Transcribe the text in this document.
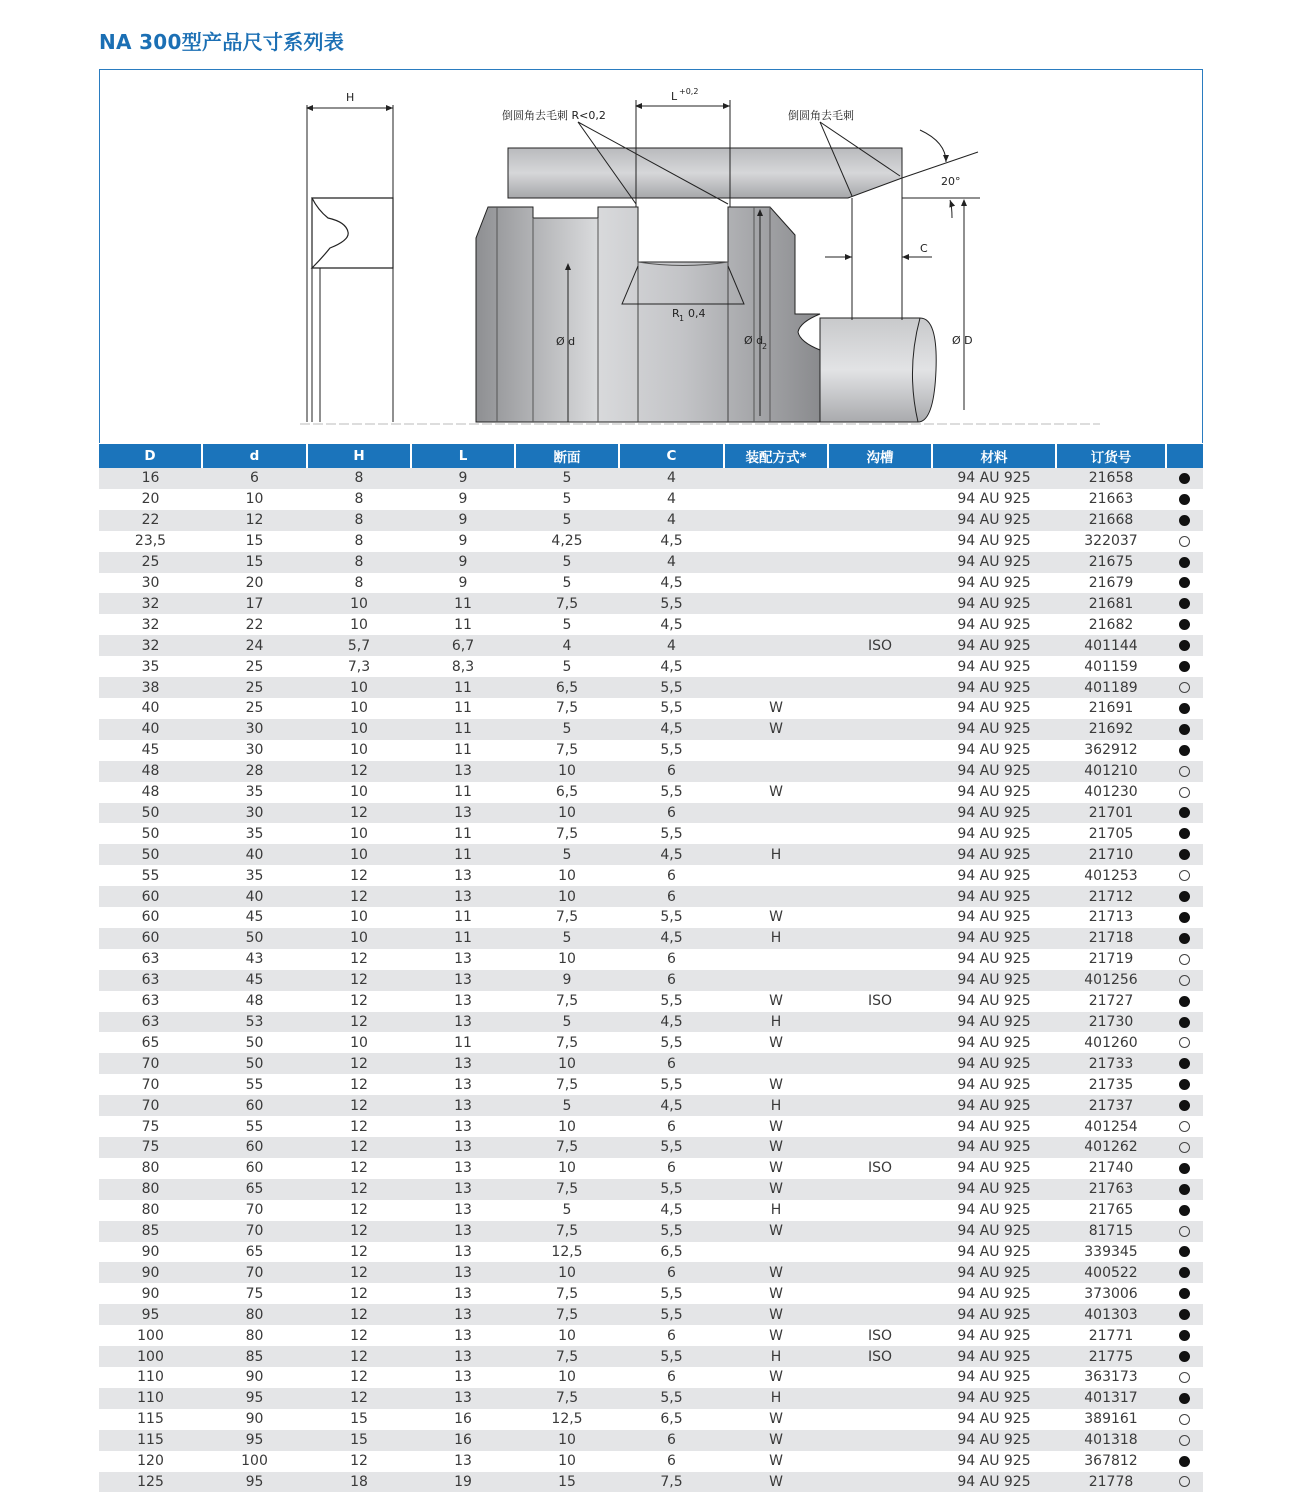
NA 300型产品尺寸系列表
H
C
L +0,2
倒圆角去毛刺 R<0,2	倒圆角去毛刺
20°
R 1 0,4
Ø d	Ø d
2	Ø D
D	d	H	L	断面	C	装配方式*	沟槽	材料	订货号	
16	6	8	9	5	4			94 AU 925	21658	
20	10	8	9	5	4			94 AU 925	21663	
22	12	8	9	5	4			94 AU 925	21668	
23,5	15	8	9	4,25	4,5			94 AU 925	322037	
25	15	8	9	5	4			94 AU 925	21675	
30	20	8	9	5	4,5			94 AU 925	21679	
32	17	10	11	7,5	5,5			94 AU 925	21681	
32	22	10	11	5	4,5			94 AU 925	21682	
32	24	5,7	6,7	4	4		ISO	94 AU 925	401144	
35	25	7,3	8,3	5	4,5			94 AU 925	401159	
38	25	10	11	6,5	5,5			94 AU 925	401189	
40	25	10	11	7,5	5,5	W		94 AU 925	21691	
40	30	10	11	5	4,5	W		94 AU 925	21692	
45	30	10	11	7,5	5,5			94 AU 925	362912	
48	28	12	13	10	6			94 AU 925	401210	
48	35	10	11	6,5	5,5	W		94 AU 925	401230	
50	30	12	13	10	6			94 AU 925	21701	
50	35	10	11	7,5	5,5			94 AU 925	21705	
50	40	10	11	5	4,5	H		94 AU 925	21710	
55	35	12	13	10	6			94 AU 925	401253	
60	40	12	13	10	6			94 AU 925	21712	
60	45	10	11	7,5	5,5	W		94 AU 925	21713	
60	50	10	11	5	4,5	H		94 AU 925	21718	
63	43	12	13	10	6			94 AU 925	21719	
63	45	12	13	9	6			94 AU 925	401256	
63	48	12	13	7,5	5,5	W	ISO	94 AU 925	21727	
63	53	12	13	5	4,5	H		94 AU 925	21730	
65	50	10	11	7,5	5,5	W		94 AU 925	401260	
70	50	12	13	10	6			94 AU 925	21733	
70	55	12	13	7,5	5,5	W		94 AU 925	21735	
70	60	12	13	5	4,5	H		94 AU 925	21737	
75	55	12	13	10	6	W		94 AU 925	401254	
75	60	12	13	7,5	5,5	W		94 AU 925	401262	
80	60	12	13	10	6	W	ISO	94 AU 925	21740	
80	65	12	13	7,5	5,5	W		94 AU 925	21763	
80	70	12	13	5	4,5	H		94 AU 925	21765	
85	70	12	13	7,5	5,5	W		94 AU 925	81715	
90	65	12	13	12,5	6,5			94 AU 925	339345	
90	70	12	13	10	6	W		94 AU 925	400522	
90	75	12	13	7,5	5,5	W		94 AU 925	373006	
95	80	12	13	7,5	5,5	W		94 AU 925	401303	
100	80	12	13	10	6	W	ISO	94 AU 925	21771	
100	85	12	13	7,5	5,5	H	ISO	94 AU 925	21775	
110	90	12	13	10	6	W		94 AU 925	363173	
110	95	12	13	7,5	5,5	H		94 AU 925	401317	
115	90	15	16	12,5	6,5	W		94 AU 925	389161	
115	95	15	16	10	6	W		94 AU 925	401318	
120	100	12	13	10	6	W		94 AU 925	367812	
125	95	18	19	15	7,5	W		94 AU 925	21778	
